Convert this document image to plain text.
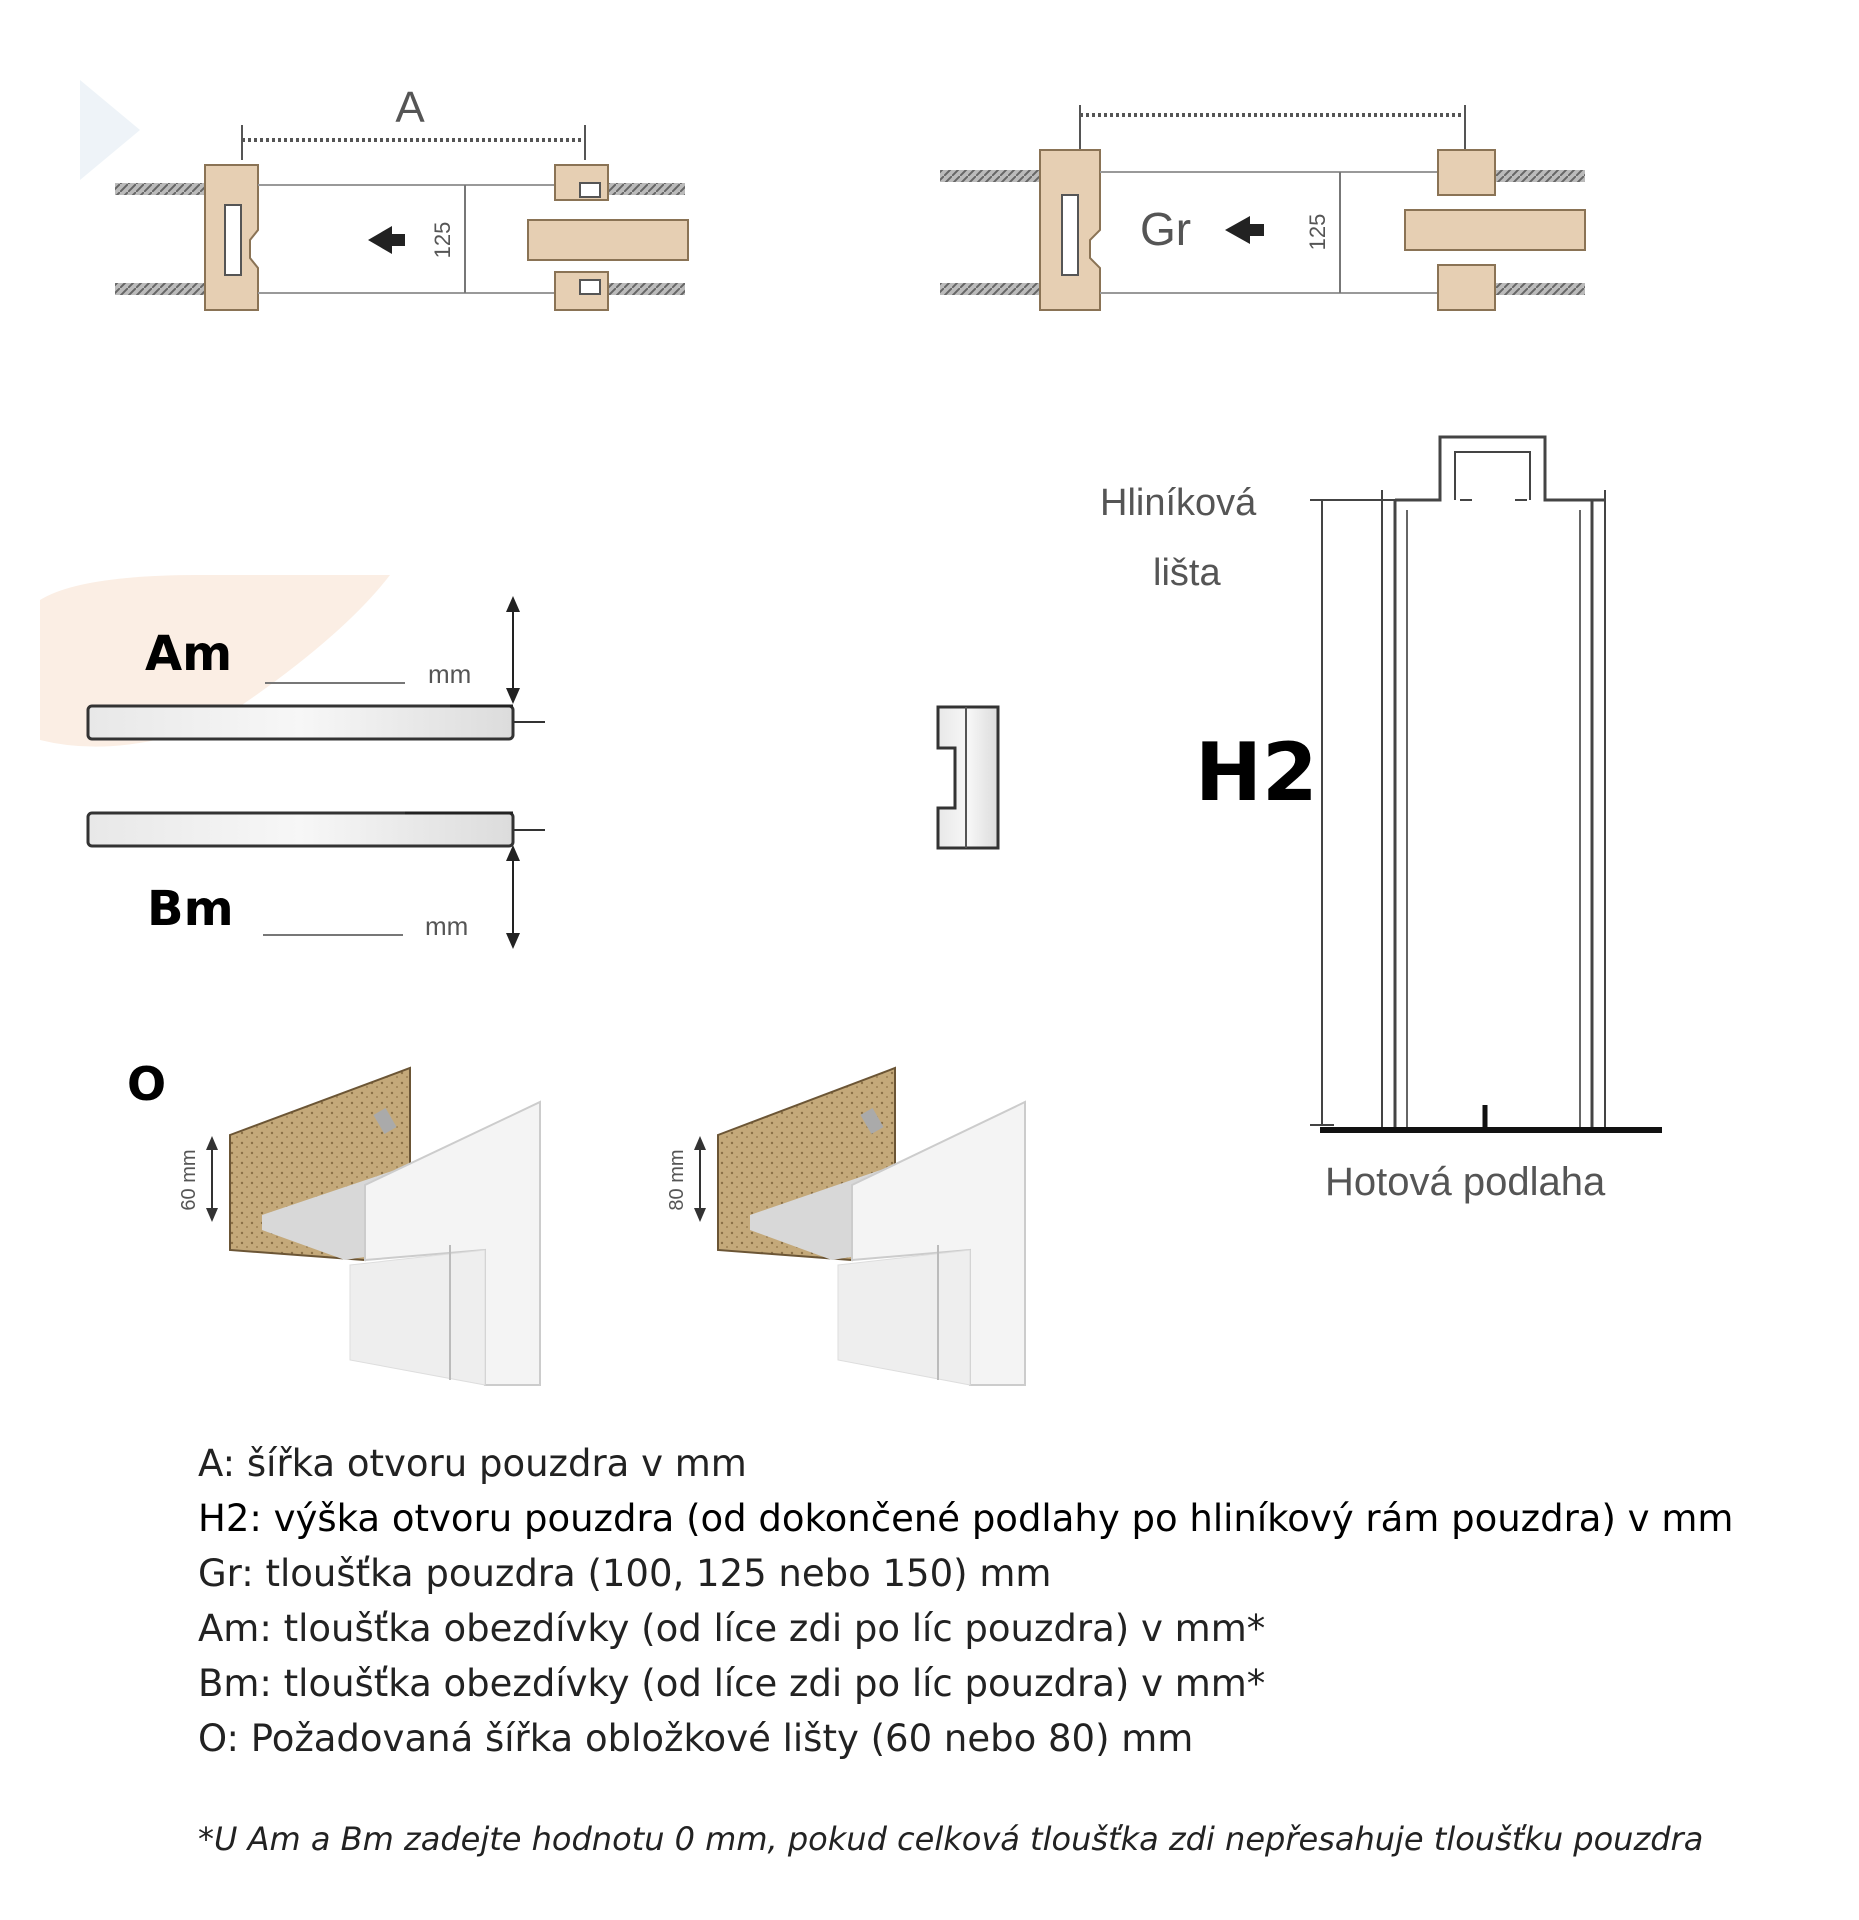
A
125	Gr	125
Am	mm
Bm	mm
H2
Hliníková
lišta
Hotová podlaha
O
60 mm	80 mm
A: šířka otvoru pouzdra v mm
H2: výška otvoru pouzdra (od dokončené podlahy po hliníkový rám pouzdra) v mm
Gr: tloušťka pouzdra (100, 125 nebo 150) mm
Am: tloušťka obezdívky (od líce zdi po líc pouzdra) v mm*
Bm: tloušťka obezdívky (od líce zdi po líc pouzdra) v mm*
O: Požadovaná šířka obložkové lišty (60 nebo 80) mm
*U Am a Bm zadejte hodnotu 0 mm, pokud celková tloušťka zdi nepřesahuje tloušťku pouzdra
